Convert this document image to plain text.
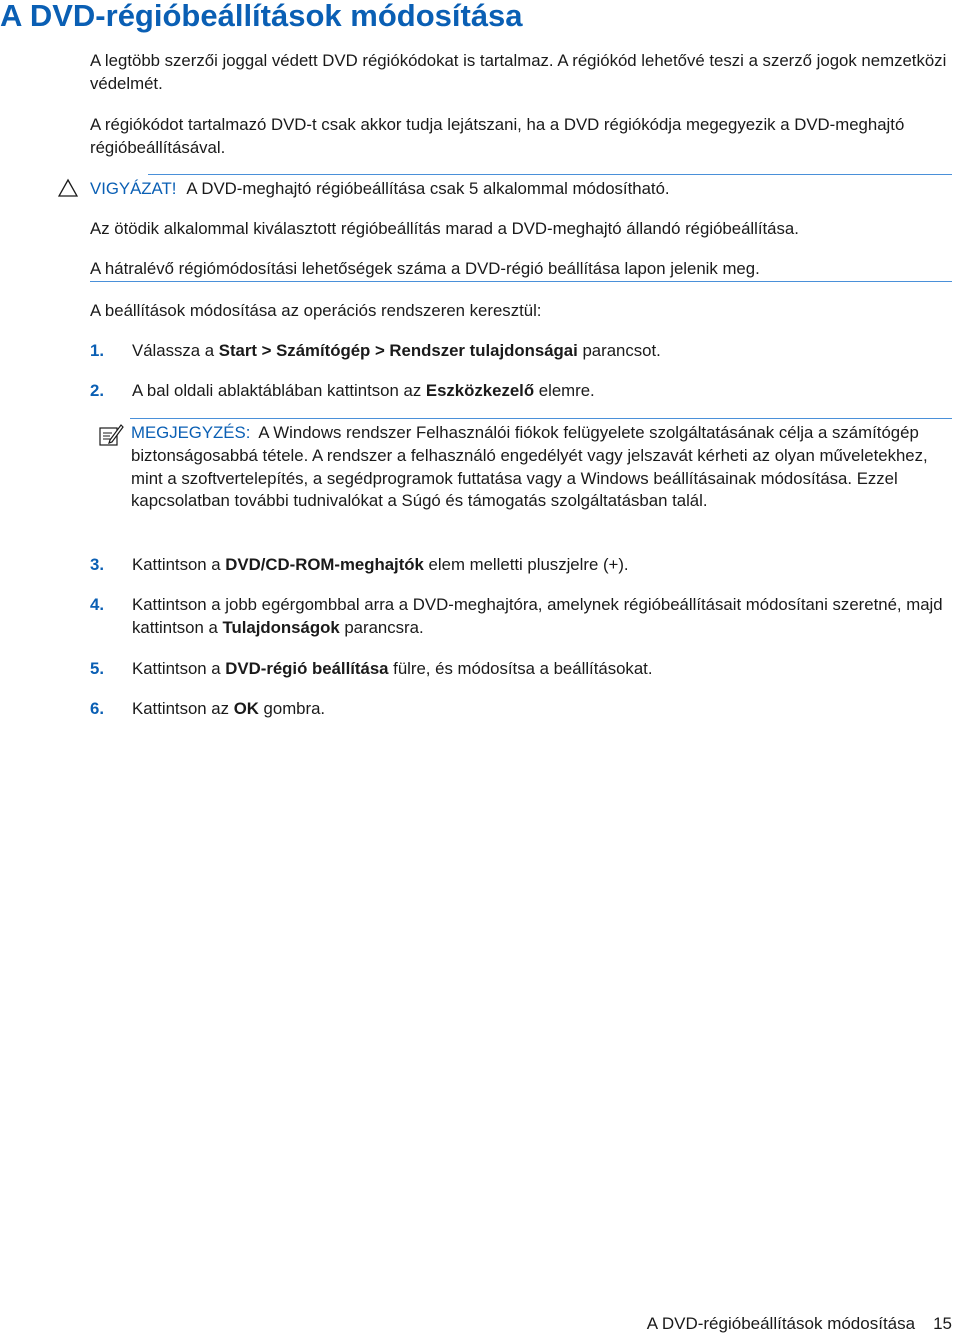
A DVD-régióbeállítások módosítása

A legtöbb szerzői joggal védett DVD régiókódokat is tartalmaz. A régiókód lehetővé teszi a szerző jogok nemzetközi védelmét.

A régiókódot tartalmazó DVD-t csak akkor tudja lejátszani, ha a DVD régiókódja megegyezik a DVD-meghajtó régióbeállításával.

VIGYÁZAT! A DVD-meghajtó régióbeállítása csak 5 alkalommal módosítható.

Az ötödik alkalommal kiválasztott régióbeállítás marad a DVD-meghajtó állandó régióbeállítása.

A hátralévő régiómódosítási lehetőségek száma a DVD-régió beállítása lapon jelenik meg.

A beállítások módosítása az operációs rendszeren keresztül:

1. Válassza a Start > Számítógép > Rendszer tulajdonságai parancsot.
2. A bal oldali ablaktáblában kattintson az Eszközkezelő elemre.
MEGJEGYZÉS: A Windows rendszer Felhasználói fiókok felügyelete szolgáltatásának célja a számítógép biztonságosabbá tétele. A rendszer a felhasználó engedélyét vagy jelszavát kérheti az olyan műveletekhez, mint a szoftvertelepítés, a segédprogramok futtatása vagy a Windows beállításainak módosítása. Ezzel kapcsolatban további tudnivalókat a Súgó és támogatás szolgáltatásban talál.
3. Kattintson a DVD/CD-ROM-meghajtók elem melletti pluszjelre (+).
4. Kattintson a jobb egérgombbal arra a DVD-meghajtóra, amelynek régióbeállításait módosítani szeretné, majd kattintson a Tulajdonságok parancsra.
5. Kattintson a DVD-régió beállítása fülre, és módosítsa a beállításokat.
6. Kattintson az OK gombra.
A DVD-régióbeállítások módosítása 15
